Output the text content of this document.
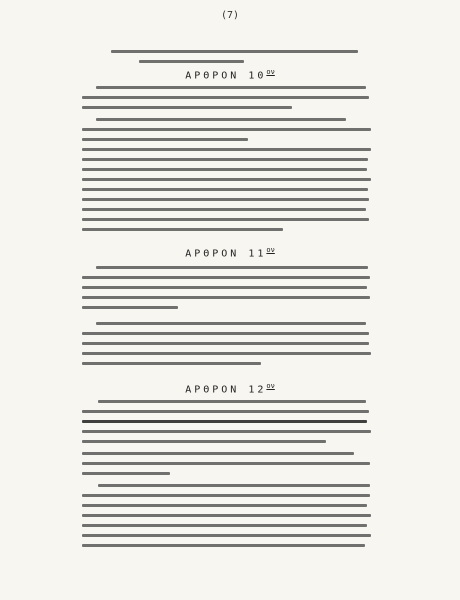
(7)
ΑΡΘΡΟΝ $10^{o\nu}$
ΑΡΘΡΟΝ $11^{o\nu}$
ΑΡΘΡΟΝ $12^{o\nu}$
